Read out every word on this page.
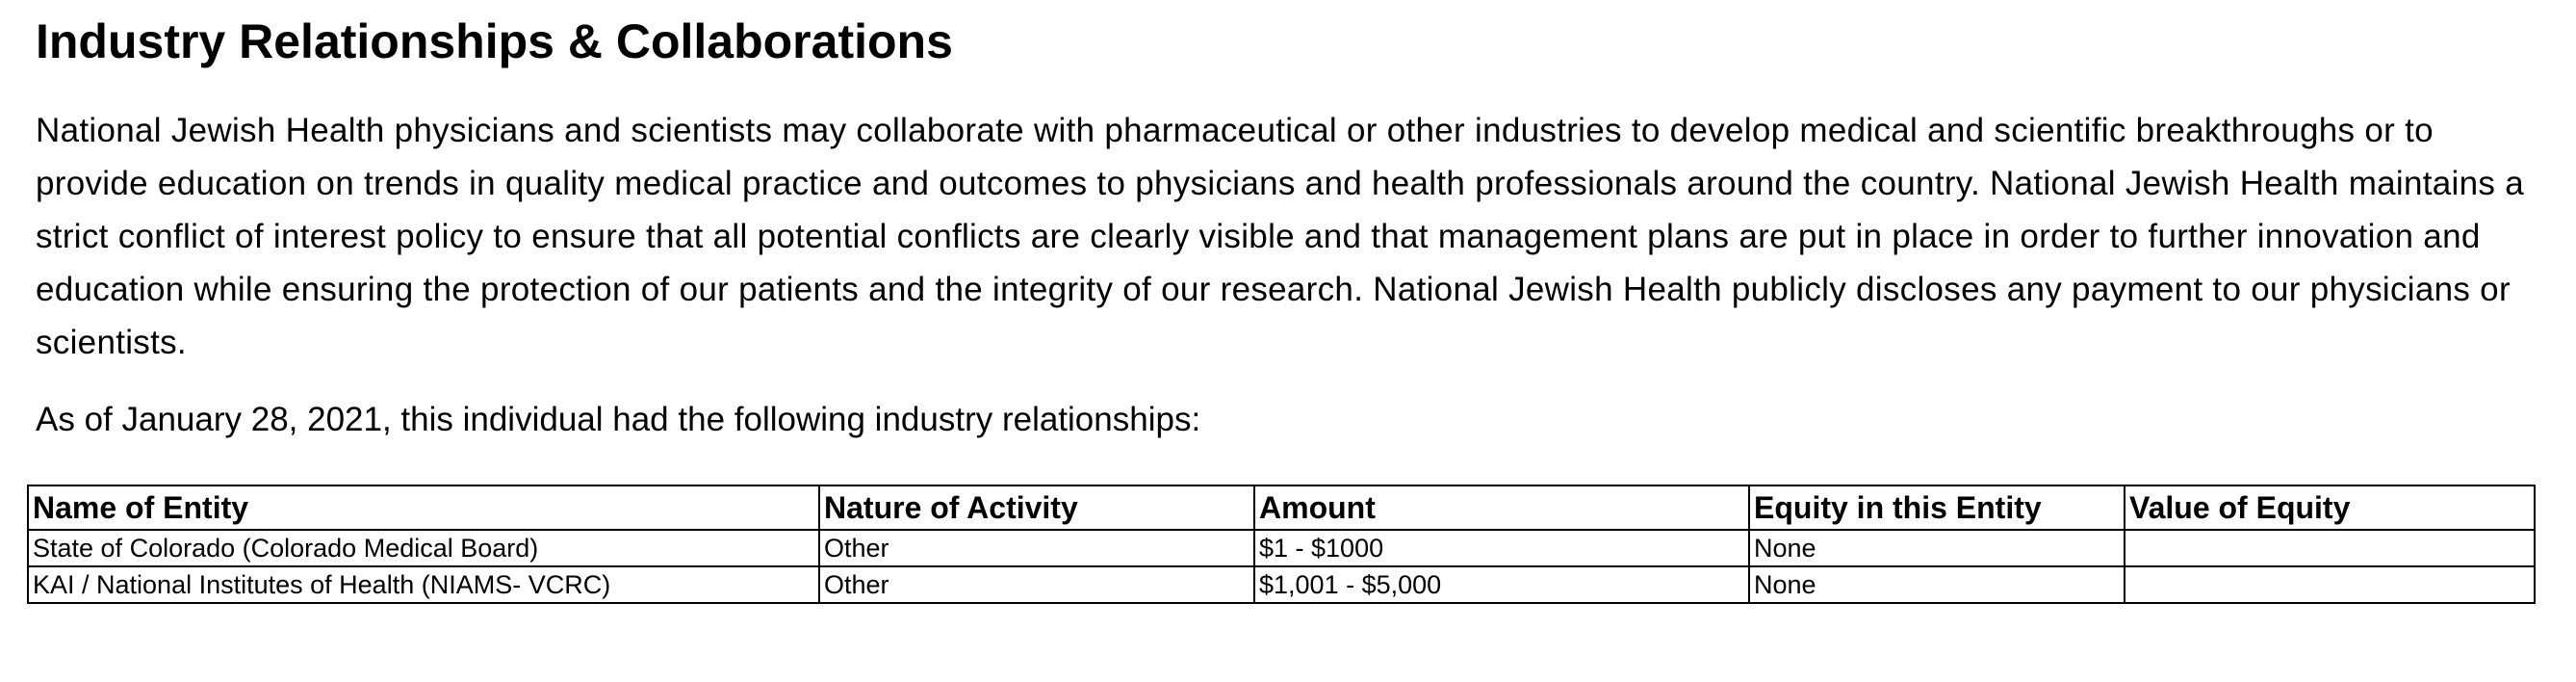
Industry Relationships & Collaborations

National Jewish Health physicians and scientists may collaborate with pharmaceutical or other industries to develop medical and scientific breakthroughs or to provide education on trends in quality medical practice and outcomes to physicians and health professionals around the country. National Jewish Health maintains a strict conflict of interest policy to ensure that all potential conflicts are clearly visible and that management plans are put in place in order to further innovation and education while ensuring the protection of our patients and the integrity of our research. National Jewish Health publicly discloses any payment to our physicians or scientists.

As of January 28, 2021, this individual had the following industry relationships:

Name of Entity	Nature of Activity	Amount	Equity in this Entity	Value of Equity
State of Colorado (Colorado Medical Board)	Other	$1 - $1000	None	
KAI / National Institutes of Health (NIAMS- VCRC)	Other	$1,001 - $5,000	None	
